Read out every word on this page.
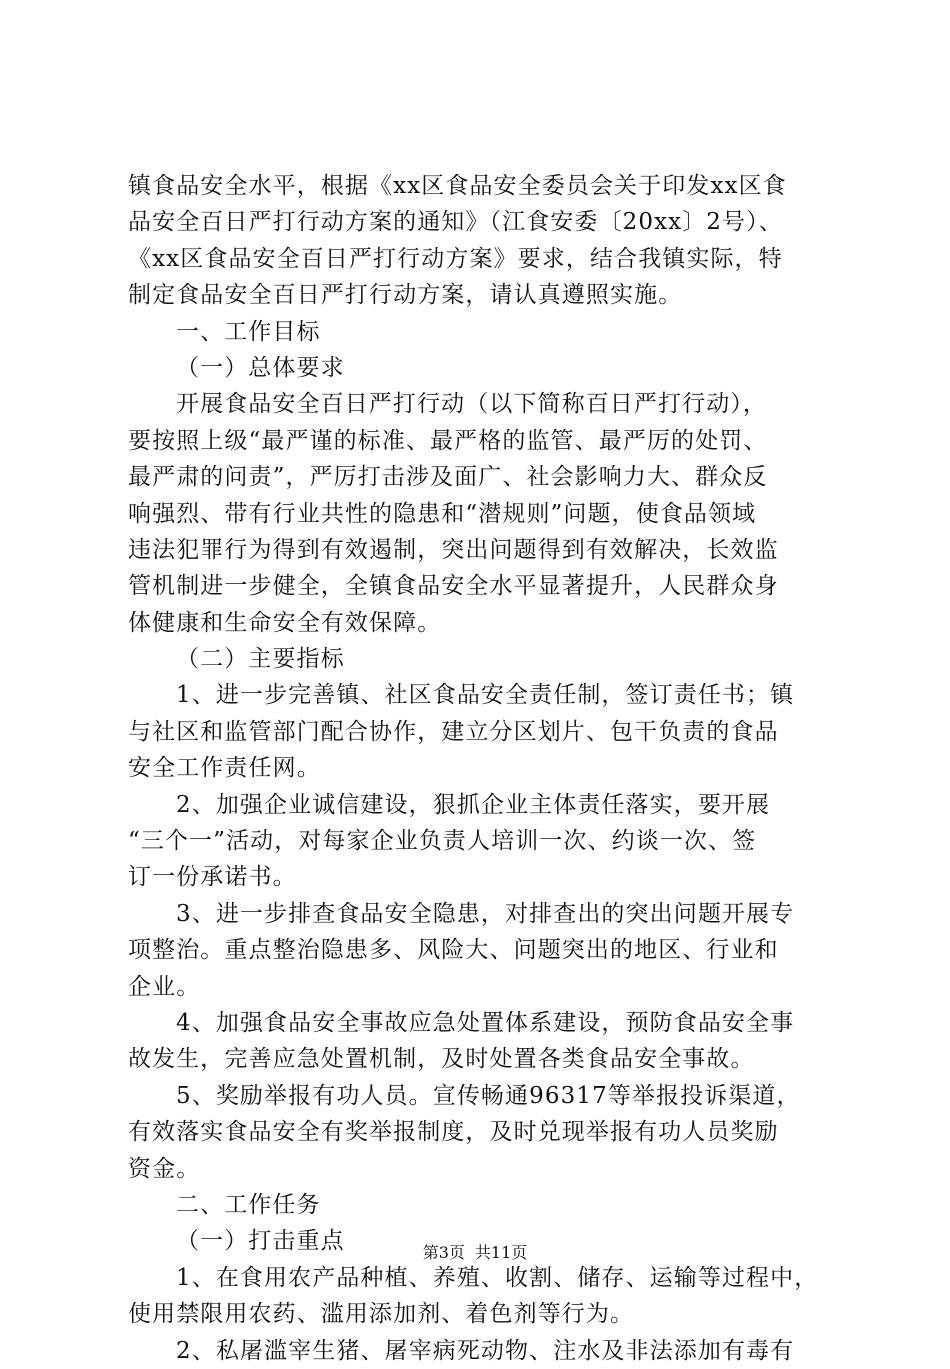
镇食品安全水平，根据《xx区食品安全委员会关于印发xx区食
品安全百日严打行动方案的通知》（江食安委〔20xx〕2号）、
《xx区食品安全百日严打行动方案》要求，结合我镇实际，特
制定食品安全百日严打行动方案，请认真遵照实施。
一、工作目标
（一）总体要求
开展食品安全百日严打行动（以下简称百日严打行动），
要按照上级“最严谨的标准、最严格的监管、最严厉的处罚、
最严肃的问责”，严厉打击涉及面广、社会影响力大、群众反
响强烈、带有行业共性的隐患和“潜规则”问题，使食品领域
违法犯罪行为得到有效遏制，突出问题得到有效解决，长效监
管机制进一步健全，全镇食品安全水平显著提升，人民群众身
体健康和生命安全有效保障。
（二）主要指标
1、进一步完善镇、社区食品安全责任制，签订责任书；镇
与社区和监管部门配合协作，建立分区划片、包干负责的食品
安全工作责任网。
2、加强企业诚信建设，狠抓企业主体责任落实，要开展
“三个一”活动，对每家企业负责人培训一次、约谈一次、签
订一份承诺书。
3、进一步排查食品安全隐患，对排查出的突出问题开展专
项整治。重点整治隐患多、风险大、问题突出的地区、行业和
企业。
4、加强食品安全事故应急处置体系建设，预防食品安全事
故发生，完善应急处置机制，及时处置各类食品安全事故。
5、奖励举报有功人员。宣传畅通96317等举报投诉渠道，
有效落实食品安全有奖举报制度，及时兑现举报有功人员奖励
资金。
二、工作任务
（一）打击重点
1、在食用农产品种植、养殖、收割、储存、运输等过程中，
使用禁限用农药、滥用添加剂、着色剂等行为。
2、私屠滥宰生猪、屠宰病死动物、注水及非法添加有毒有
第3页 共11页
